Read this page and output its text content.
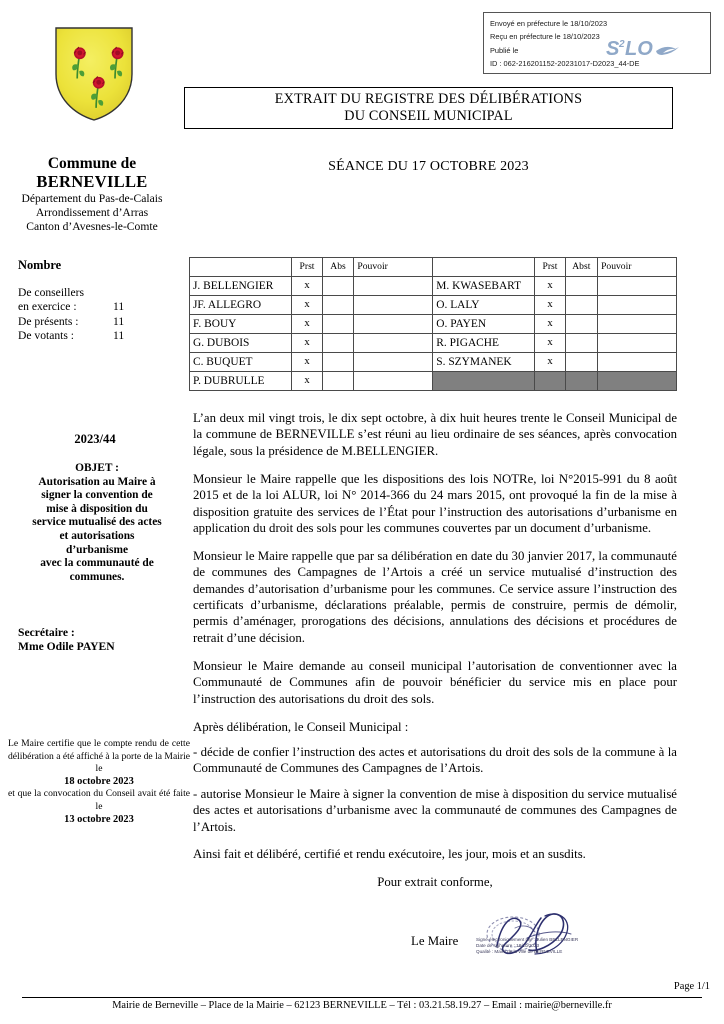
Envoyé en préfecture le 18/10/2023
Reçu en préfecture le 18/10/2023
Publié le
ID : 062-216201152-20231017-D2023_44-DE
S 2 LO
Commune de
BERNEVILLE
Département du Pas-de-Calais
Arrondissement d’Arras
Canton d’Avesnes-le-Comte
Nombre
De conseillers
en exercice :	11
De présents :	11
De votants :	11
2023/44
OBJET :
Autorisation au Maire à
signer la convention de
mise à disposition du
service mutualisé des actes
et autorisations
d’urbanisme
avec la communauté de
communes.
Secrétaire :
Mme Odile PAYEN
Le Maire certifie que le compte rendu de cette délibération a été affiché à la porte de la Mairie le
18 octobre 2023
et que la convocation du Conseil avait été faite le
13 octobre 2023
EXTRAIT DU REGISTRE DES DÉLIBÉRATIONS
DU CONSEIL MUNICIPAL
SÉANCE DU 17 OCTOBRE 2023
	Prst	Abs	Pouvoir		Prst	Abst	Pouvoir
J. BELLENGIER	x			M. KWASEBART	x		
JF. ALLEGRO	x			O. LALY	x		
F. BOUY	x			O. PAYEN	x		
G. DUBOIS	x			R. PIGACHE	x		
C. BUQUET	x			S. SZYMANEK	x		
P. DUBRULLE	x						

L’an deux mil vingt trois, le dix sept octobre, à dix huit heures trente le Conseil Municipal de la commune de BERNEVILLE s’est réuni au lieu ordinaire de ses séances, après convocation légale, sous la présidence de M.BELLENGIER.

Monsieur le Maire rappelle que les dispositions des lois NOTRe, loi N°2015-991 du 8 août 2015 et de la loi ALUR, loi N° 2014-366 du 24 mars 2015, ont provoqué la fin de la mise à disposition gratuite des services de l’État pour l’instruction des autorisations d’urbanisme en application du droit des sols pour les communes couvertes par un document d’urbanisme.

Monsieur le Maire rappelle que par sa délibération en date du 30 janvier 2017, la communauté de communes des Campagnes de l’Artois a créé un service mutualisé d’instruction des demandes d’autorisation d’urbanisme pour les communes. Ce service assure l’instruction des certificats d’urbanisme, déclarations préalable, permis de construire, permis de démolir, permis d’aménager, prorogations des décisions, annulations des décisions et procédures de retrait d’une décision.

Monsieur le Maire demande au conseil municipal l’autorisation de conventionner avec la Communauté de Communes afin de pouvoir bénéficier du service mis en place pour l’instruction des autorisations du droit des sols.

Après délibération, le Conseil Municipal :

- décide de confier l’instruction des actes et autorisations du droit des sols de la commune à la Communauté de Communes des Campagnes de l’Artois.

- autorise Monsieur le Maire à signer la convention de mise à disposition du service mutualisé des actes et autorisations d’urbanisme avec la communauté de communes des Campagnes de l’Artois.

Ainsi fait et délibéré, certifié et rendu exécutoire, les jour, mois et an susdits.

Pour extrait conforme,

Le Maire	Signé électroniquement par : Julien BELLENGIER
Date de signature : 18/10/2023
Qualité : Maire de la ville de BERNEVILLE
Page 1/1
Mairie de Berneville – Place de la Mairie – 62123 BERNEVILLE – Tél : 03.21.58.19.27 – Email : mairie@berneville.fr
